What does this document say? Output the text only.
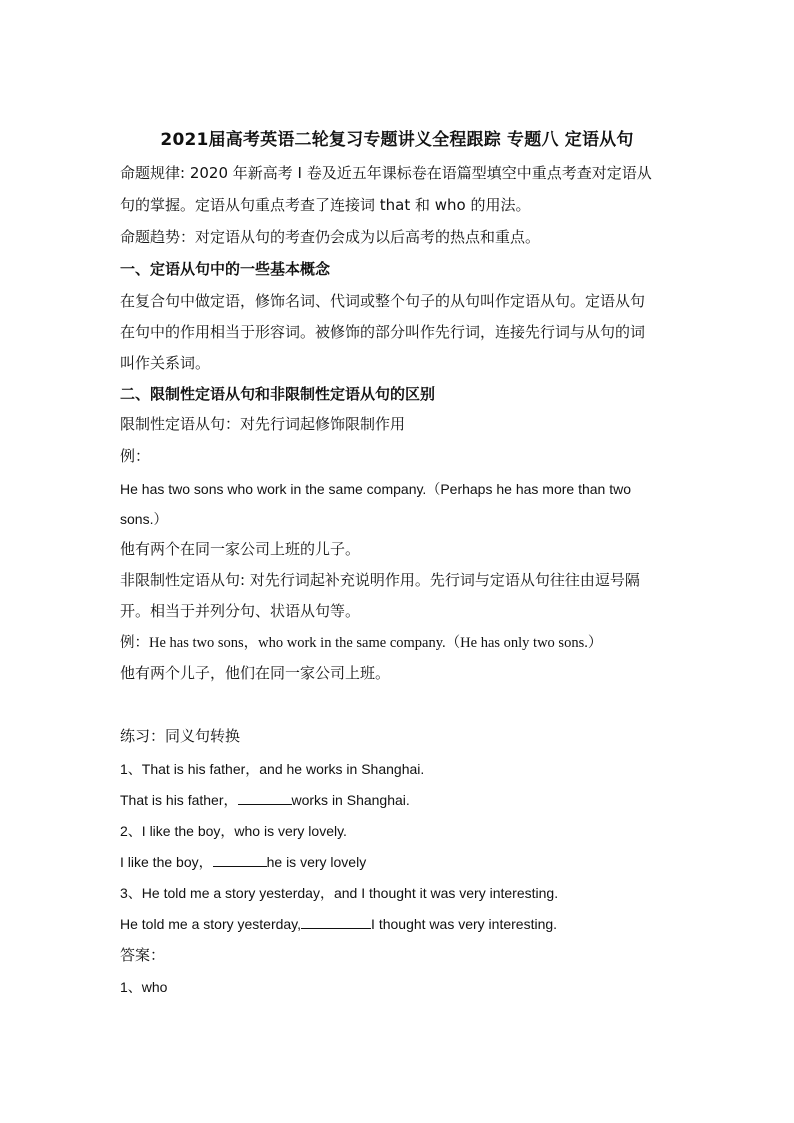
2021届高考英语二轮复习专题讲义全程跟踪 专题八 定语从句
命题规律: 2020 年新高考 I 卷及近五年课标卷在语篇型填空中重点考查对定语从
句的掌握。定语从句重点考查了连接词 that 和 who 的用法。
命题趋势：对定语从句的考查仍会成为以后高考的热点和重点。
一、定语从句中的一些基本概念
在复合句中做定语，修饰名词、代词或整个句子的从句叫作定语从句。定语从句
在句中的作用相当于形容词。被修饰的部分叫作先行词，连接先行词与从句的词
叫作关系词。
二、限制性定语从句和非限制性定语从句的区别
限制性定语从句：对先行词起修饰限制作用
例：
He has two sons who work in the same company.（Perhaps he has more than two
sons.）
他有两个在同一家公司上班的儿子。
非限制性定语从句: 对先行词起补充说明作用。先行词与定语从句往往由逗号隔
开。相当于并列分句、状语从句等。
例：He has two sons，who work in the same company.（He has only two sons.）
他有两个儿子，他们在同一家公司上班。
练习：同义句转换
1、That is his father，and he works in Shanghai.
That is his father，	works in Shanghai.
2、I like the boy，who is very lovely.
I like the boy，	he is very lovely
3、He told me a story yesterday，and I thought it was very interesting.
He told me a story yesterday,	I thought was very interesting.
答案：
1、who
